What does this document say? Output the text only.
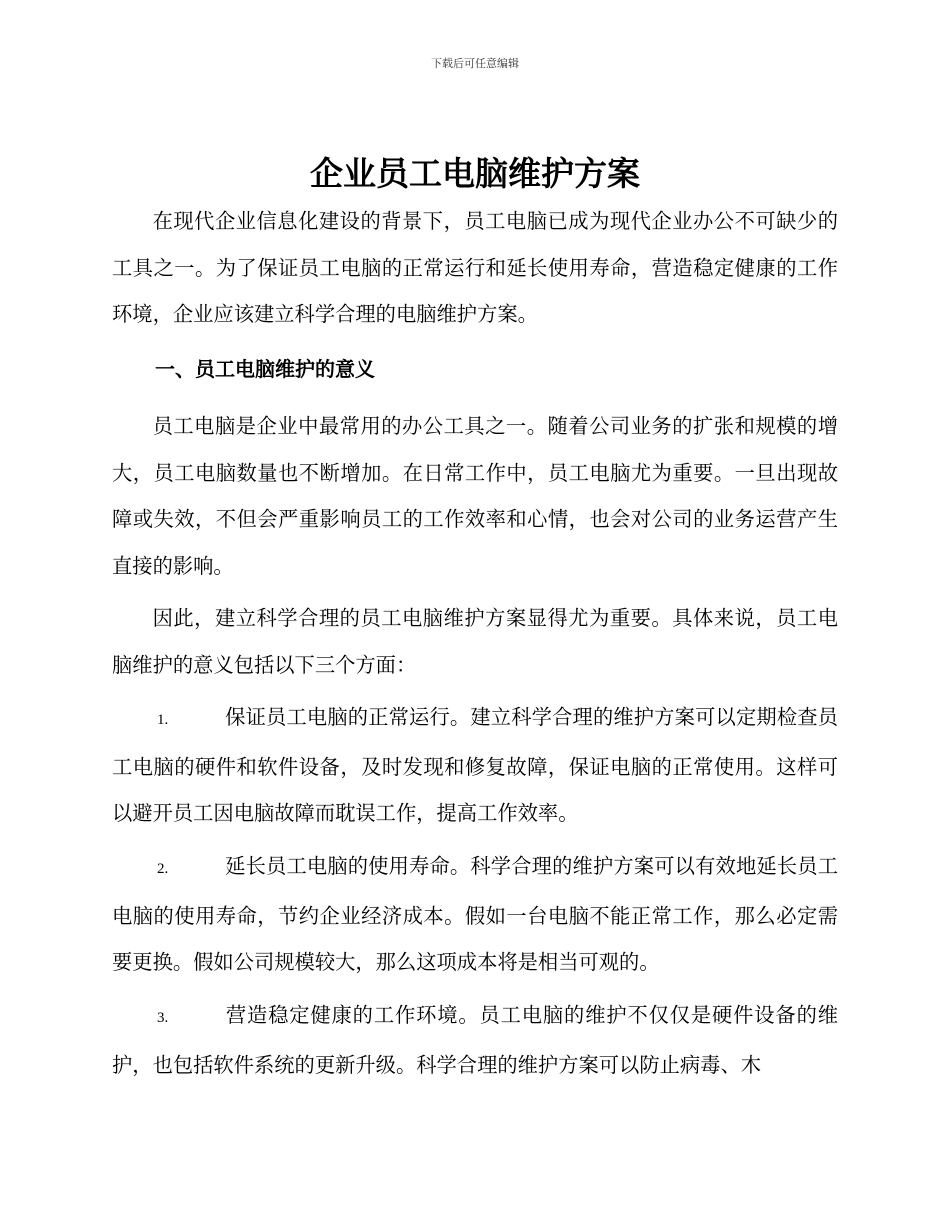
下载后可任意编辑
企业员工电脑维护方案

在现代企业信息化建设的背景下，员工电脑已成为现代企业办公不可缺少的工具之一。为了保证员工电脑的正常运行和延长使用寿命，营造稳定健康的工作环境，企业应该建立科学合理的电脑维护方案。

一、员工电脑维护的意义

员工电脑是企业中最常用的办公工具之一。随着公司业务的扩张和规模的增大，员工电脑数量也不断增加。在日常工作中，员工电脑尤为重要。一旦出现故障或失效，不但会严重影响员工的工作效率和心情，也会对公司的业务运营产生直接的影响。

因此，建立科学合理的员工电脑维护方案显得尤为重要。具体来说，员工电脑维护的意义包括以下三个方面：

1.	保证员工电脑的正常运行。建立科学合理的维护方案可以定期检查员工电脑的硬件和软件设备，及时发现和修复故障，保证电脑的正常使用。这样可以避开员工因电脑故障而耽误工作，提高工作效率。

2.	延长员工电脑的使用寿命。科学合理的维护方案可以有效地延长员工电脑的使用寿命，节约企业经济成本。假如一台电脑不能正常工作，那么必定需要更换。假如公司规模较大，那么这项成本将是相当可观的。

3.	营造稳定健康的工作环境。员工电脑的维护不仅仅是硬件设备的维护，也包括软件系统的更新升级。科学合理的维护方案可以防止病毒、木
